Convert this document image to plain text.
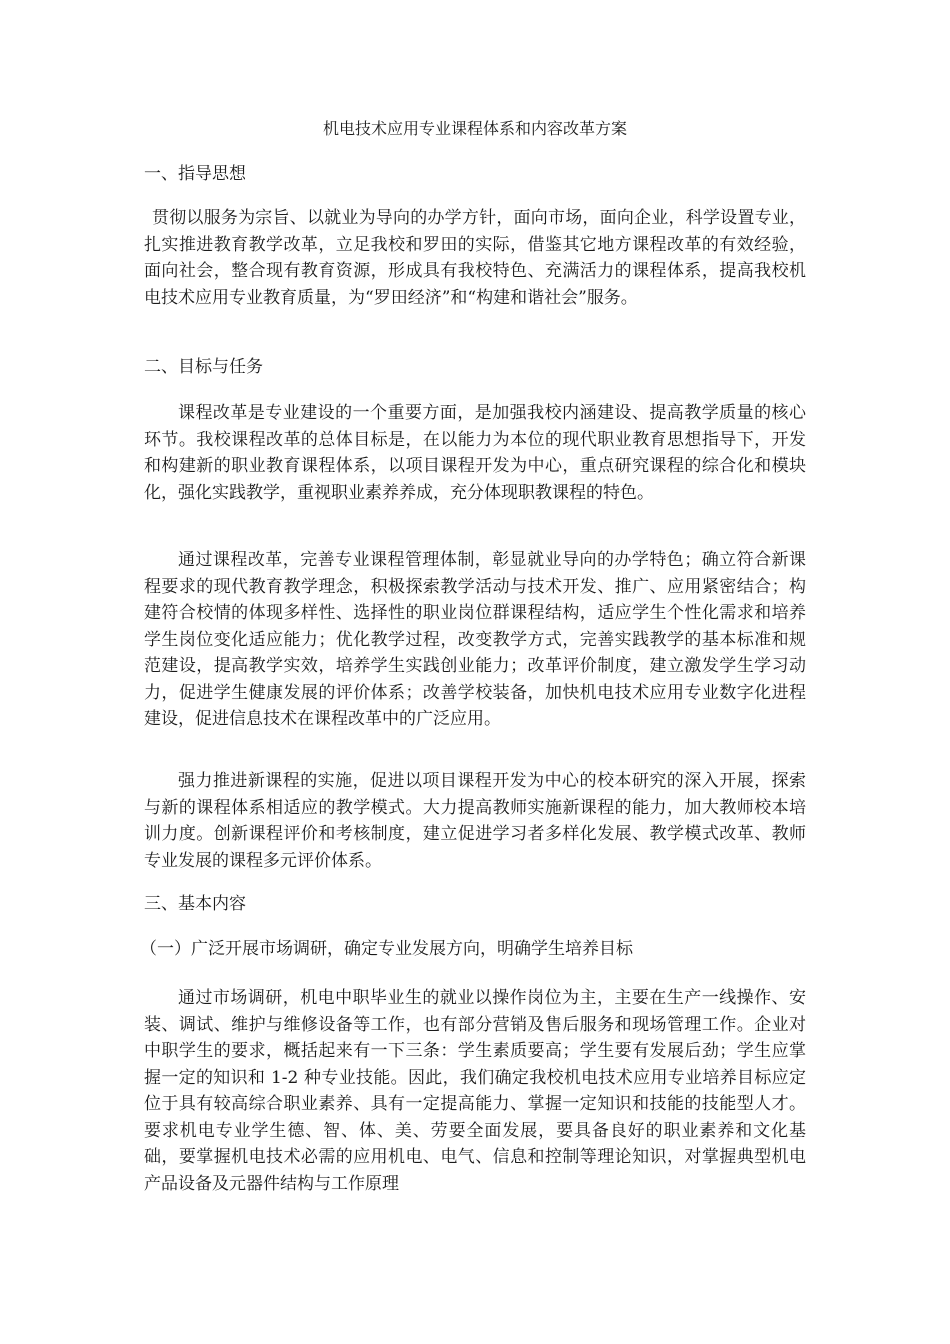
机电技术应用专业课程体系和内容改革方案
一、指导思想

贯彻以服务为宗旨、以就业为导向的办学方针，面向市场，面向企业，科学设置专业，扎实推进教育教学改革，立足我校和罗田的实际，借鉴其它地方课程改革的有效经验，面向社会，整合现有教育资源，形成具有我校特色、充满活力的课程体系，提高我校机电技术应用专业教育质量，为“罗田经济”和“构建和谐社会”服务。

二、目标与任务

课程改革是专业建设的一个重要方面，是加强我校内涵建设、提高教学质量的核心环节。我校课程改革的总体目标是，在以能力为本位的现代职业教育思想指导下，开发和构建新的职业教育课程体系，以项目课程开发为中心，重点研究课程的综合化和模块化，强化实践教学，重视职业素养养成，充分体现职教课程的特色。

通过课程改革，完善专业课程管理体制，彰显就业导向的办学特色；确立符合新课程要求的现代教育教学理念，积极探索教学活动与技术开发、推广、应用紧密结合；构建符合校情的体现多样性、选择性的职业岗位群课程结构，适应学生个性化需求和培养学生岗位变化适应能力；优化教学过程，改变教学方式，完善实践教学的基本标准和规范建设，提高教学实效，培养学生实践创业能力；改革评价制度，建立激发学生学习动力，促进学生健康发展的评价体系；改善学校装备，加快机电技术应用专业数字化进程建设，促进信息技术在课程改革中的广泛应用。

强力推进新课程的实施，促进以项目课程开发为中心的校本研究的深入开展，探索与新的课程体系相适应的教学模式。大力提高教师实施新课程的能力，加大教师校本培训力度。创新课程评价和考核制度，建立促进学习者多样化发展、教学模式改革、教师专业发展的课程多元评价体系。

三、基本内容
（一）广泛开展市场调研，确定专业发展方向，明确学生培养目标

通过市场调研，机电中职毕业生的就业以操作岗位为主，主要在生产一线操作、安装、调试、维护与维修设备等工作，也有部分营销及售后服务和现场管理工作。企业对中职学生的要求，概括起来有一下三条：学生素质要高；学生要有发展后劲；学生应掌握一定的知识和 1-2 种专业技能。因此，我们确定我校机电技术应用专业培养目标应定位于具有较高综合职业素养、具有一定提高能力、掌握一定知识和技能的技能型人才。要求机电专业学生德、智、体、美、劳要全面发展，要具备良好的职业素养和文化基础，要掌握机电技术必需的应用机电、电气、信息和控制等理论知识，对掌握典型机电产品设备及元器件结构与工作原理
